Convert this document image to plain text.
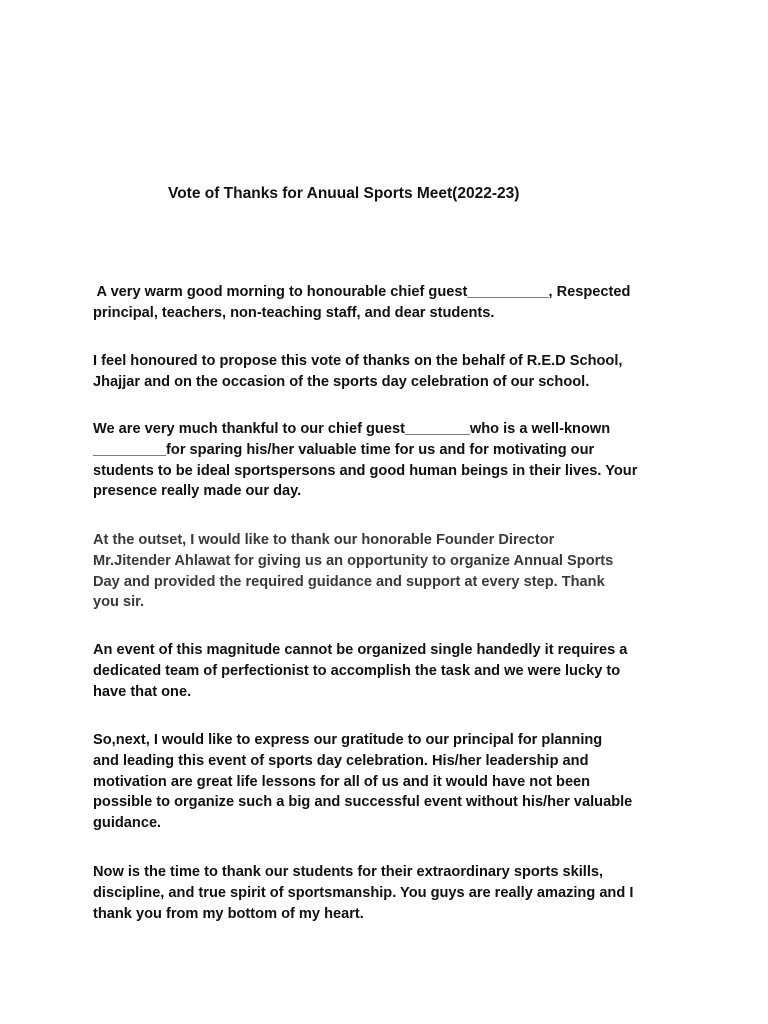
Vote of Thanks for Anuual Sports Meet(2022-23)

A very warm good morning to honourable chief guest__________, Respected
principal, teachers, non-teaching staff, and dear students.

I feel honoured to propose this vote of thanks on the behalf of R.E.D School,
Jhajjar and on the occasion of the sports day celebration of our school.

We are very much thankful to our chief guest________who is a well-known
_________for sparing his/her valuable time for us and for motivating our
students to be ideal sportspersons and good human beings in their lives. Your
presence really made our day.

At the outset, I would like to thank our honorable Founder Director
Mr.Jitender Ahlawat for giving us an opportunity to organize Annual Sports
Day and provided the required guidance and support at every step. Thank
you sir.

An event of this magnitude cannot be organized single handedly it requires a
dedicated team of perfectionist to accomplish the task and we were lucky to
have that one.

So,next, I would like to express our gratitude to our principal for planning
and leading this event of sports day celebration. His/her leadership and
motivation are great life lessons for all of us and it would have not been
possible to organize such a big and successful event without his/her valuable
guidance.

Now is the time to thank our students for their extraordinary sports skills,
discipline, and true spirit of sportsmanship. You guys are really amazing and I
thank you from my bottom of my heart.
